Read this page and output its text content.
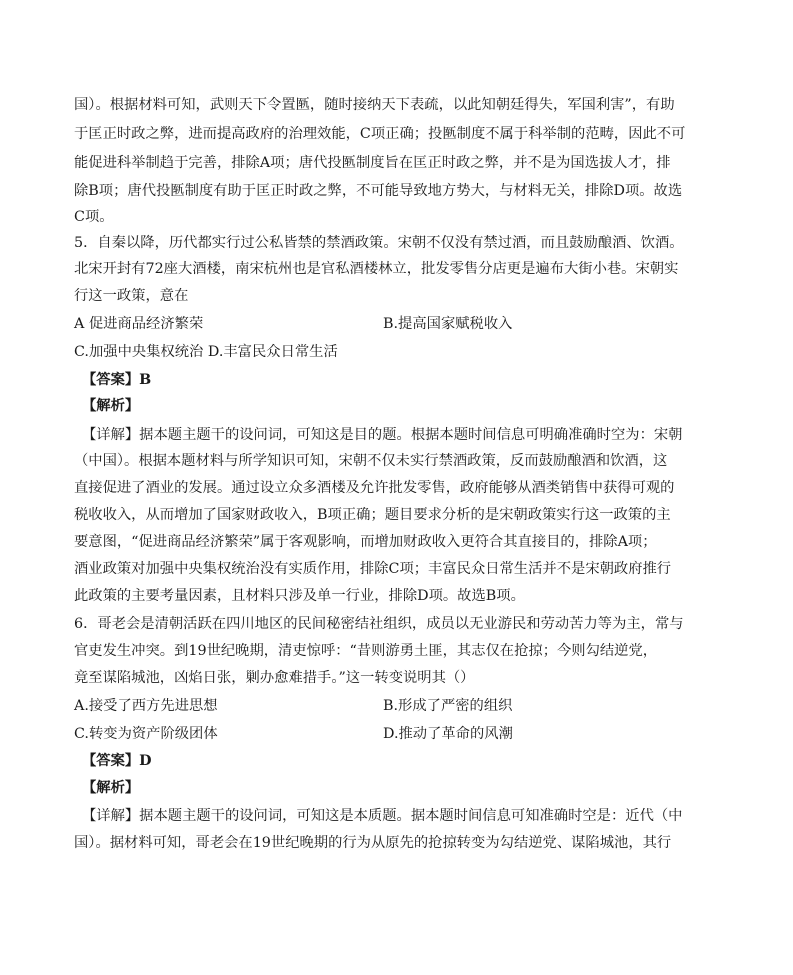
国）。根据材料可知，武则天下令置匦，随时接纳天下表疏，以此知朝廷得失，军国利害”，有助
于匡正时政之弊，进而提高政府的治理效能，C项正确；投匦制度不属于科举制的范畴，因此不可
能促进科举制趋于完善，排除A项；唐代投匦制度旨在匡正时政之弊，并不是为国选拔人才，排
除B项；唐代投匦制度有助于匡正时政之弊，不可能导致地方势大，与材料无关，排除D项。故选
C项。
5．自秦以降，历代都实行过公私皆禁的禁酒政策。宋朝不仅没有禁过酒，而且鼓励酿酒、饮酒。
北宋开封有72座大酒楼，南宋杭州也是官私酒楼林立，批发零售分店更是遍布大街小巷。宋朝实
行这一政策，意在
A 促进商品经济繁荣	B.提高国家赋税收入
C.加强中央集权统治 D.丰富民众日常生活
【答案】B
【解析】
【详解】据本题主题干的设问词，可知这是目的题。根据本题时间信息可明确准确时空为：宋朝
（中国）。根据本题材料与所学知识可知，宋朝不仅未实行禁酒政策，反而鼓励酿酒和饮酒，这
直接促进了酒业的发展。通过设立众多酒楼及允许批发零售，政府能够从酒类销售中获得可观的
税收收入，从而增加了国家财政收入，B项正确；题目要求分析的是宋朝政策实行这一政策的主
要意图，“促进商品经济繁荣”属于客观影响，而增加财政收入更符合其直接目的，排除A项；
酒业政策对加强中央集权统治没有实质作用，排除C项；丰富民众日常生活并不是宋朝政府推行
此政策的主要考量因素，且材料只涉及单一行业，排除D项。故选B项。
6．哥老会是清朝活跃在四川地区的民间秘密结社组织，成员以无业游民和劳动苦力等为主，常与
官吏发生冲突。到19世纪晚期，清吏惊呼：“昔则游勇土匪，其志仅在抢掠；今则勾结逆党，
竟至谋陷城池，凶焰日张，剿办愈难措手。”这一转变说明其（）
A.接受了西方先进思想	B.形成了严密的组织
C.转变为资产阶级团体	D.推动了革命的风潮
【答案】D
【解析】
【详解】据本题主题干的设问词，可知这是本质题。据本题时间信息可知准确时空是：近代（中
国）。据材料可知，哥老会在19世纪晚期的行为从原先的抢掠转变为勾结逆党、谋陷城池，其行
